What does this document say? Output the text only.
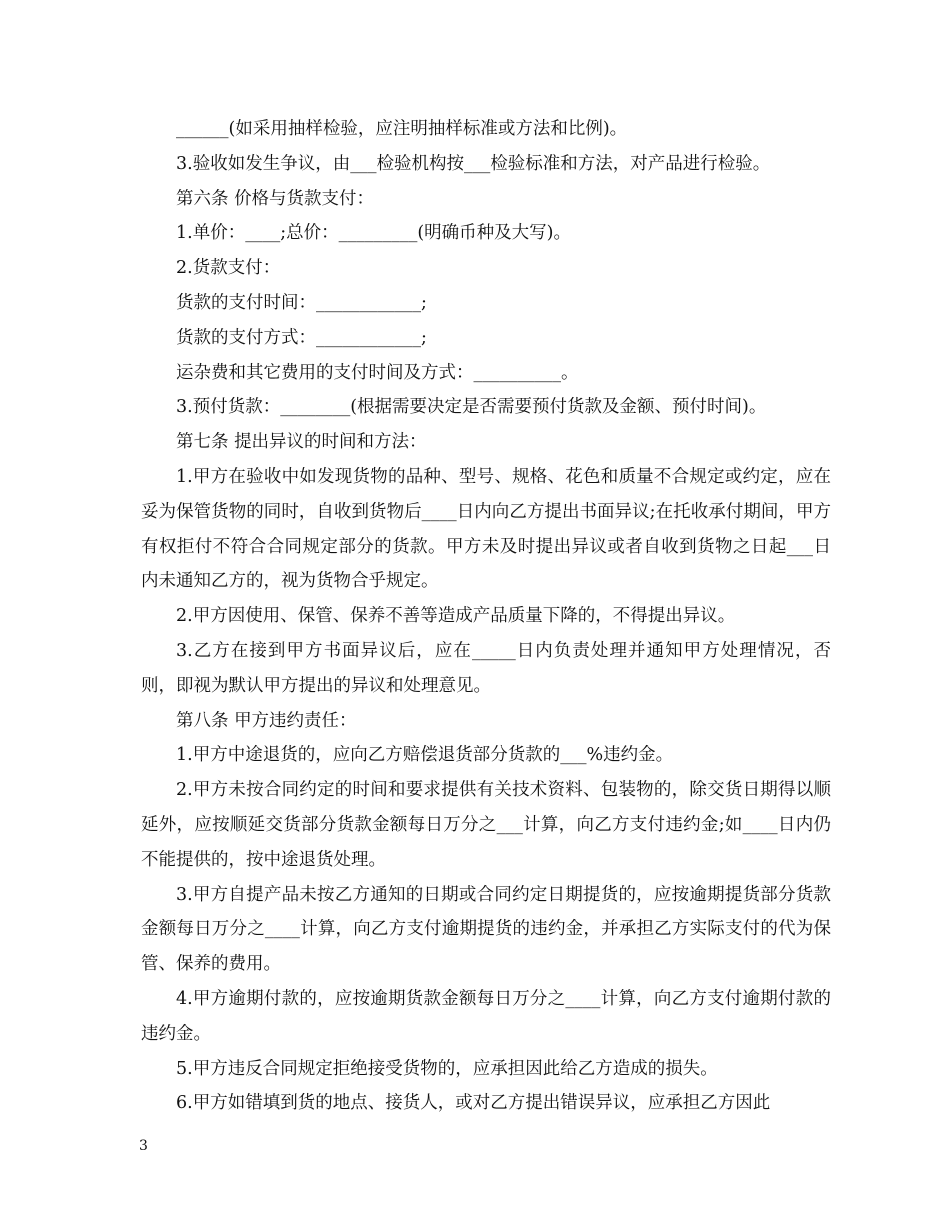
______(如采用抽样检验，应注明抽样标准或方法和比例)。

3.验收如发生争议，由___检验机构按___检验标准和方法，对产品进行检验。

第六条 价格与货款支付：

1.单价：____;总价：_________(明确币种及大写)。

2.货款支付：

货款的支付时间：____________;

货款的支付方式：____________;

运杂费和其它费用的支付时间及方式：__________。

3.预付货款：________(根据需要决定是否需要预付货款及金额、预付时间)。

第七条 提出异议的时间和方法：

1.甲方在验收中如发现货物的品种、型号、规格、花色和质量不合规定或约定，应在妥为保管货物的同时，自收到货物后____日内向乙方提出书面异议;在托收承付期间，甲方有权拒付不符合合同规定部分的货款。甲方未及时提出异议或者自收到货物之日起___日内未通知乙方的，视为货物合乎规定。

2.甲方因使用、保管、保养不善等造成产品质量下降的，不得提出异议。

3.乙方在接到甲方书面异议后，应在_____日内负责处理并通知甲方处理情况，否则，即视为默认甲方提出的异议和处理意见。

第八条 甲方违约责任：

1.甲方中途退货的，应向乙方赔偿退货部分货款的___%违约金。

2.甲方未按合同约定的时间和要求提供有关技术资料、包装物的，除交货日期得以顺延外，应按顺延交货部分货款金额每日万分之___计算，向乙方支付违约金;如____日内仍不能提供的，按中途退货处理。

3.甲方自提产品未按乙方通知的日期或合同约定日期提货的，应按逾期提货部分货款金额每日万分之____计算，向乙方支付逾期提货的违约金，并承担乙方实际支付的代为保管、保养的费用。

4.甲方逾期付款的，应按逾期货款金额每日万分之____计算，向乙方支付逾期付款的违约金。

5.甲方违反合同规定拒绝接受货物的，应承担因此给乙方造成的损失。

6.甲方如错填到货的地点、接货人，或对乙方提出错误异议，应承担乙方因此

3
